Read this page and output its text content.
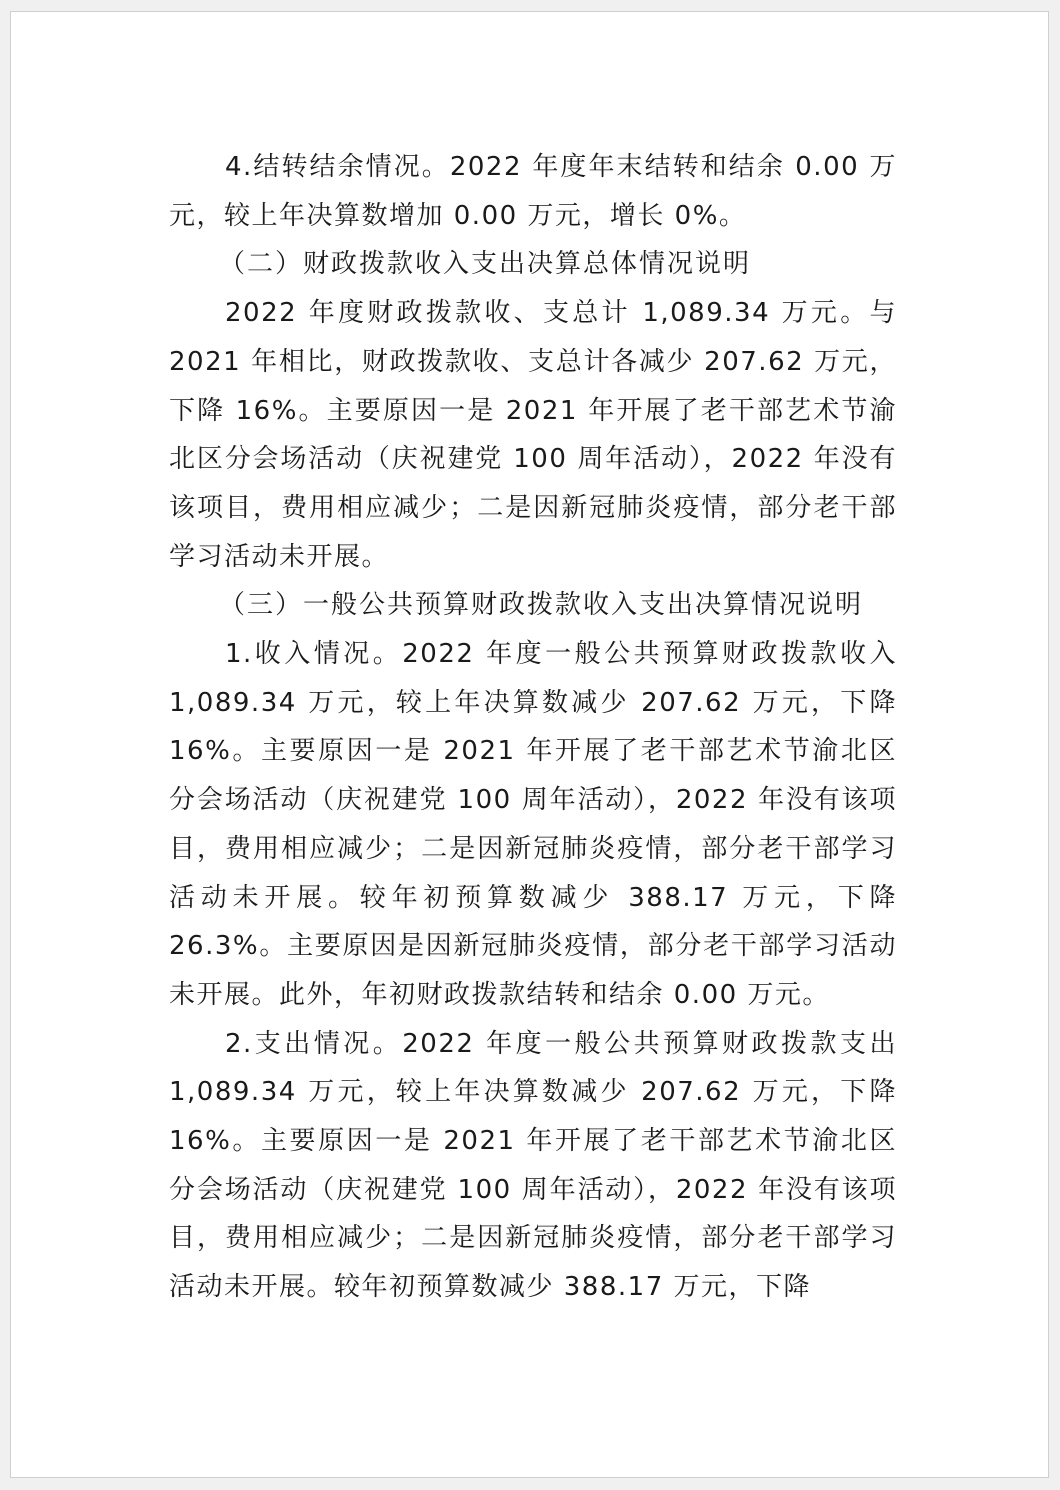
4.结转结余情况。2022 年度年末结转和结余 0.00 万元，较上年决算数增加 0.00 万元，增长 0%。

（二）财政拨款收入支出决算总体情况说明

2022 年度财政拨款收、支总计 1,089.34 万元。与 2021 年相比，财政拨款收、支总计各减少 207.62 万元，下降 16%。主要原因一是 2021 年开展了老干部艺术节渝北区分会场活动（庆祝建党 100 周年活动），2022 年没有该项目，费用相应减少；二是因新冠肺炎疫情，部分老干部学习活动未开展。

（三）一般公共预算财政拨款收入支出决算情况说明

1.收入情况。2022 年度一般公共预算财政拨款收入 1,089.34 万元，较上年决算数减少 207.62 万元，下降 16%。主要原因一是 2021 年开展了老干部艺术节渝北区分会场活动（庆祝建党 100 周年活动），2022 年没有该项目，费用相应减少；二是因新冠肺炎疫情，部分老干部学习活动未开展。较年初预算数减少 388.17 万元，下降 26.3%。主要原因是因新冠肺炎疫情，部分老干部学习活动未开展。此外，年初财政拨款结转和结余 0.00 万元。

2.支出情况。2022 年度一般公共预算财政拨款支出 1,089.34 万元，较上年决算数减少 207.62 万元，下降 16%。主要原因一是 2021 年开展了老干部艺术节渝北区分会场活动（庆祝建党 100 周年活动），2022 年没有该项目，费用相应减少；二是因新冠肺炎疫情，部分老干部学习活动未开展。较年初预算数减少 388.17 万元，下降
